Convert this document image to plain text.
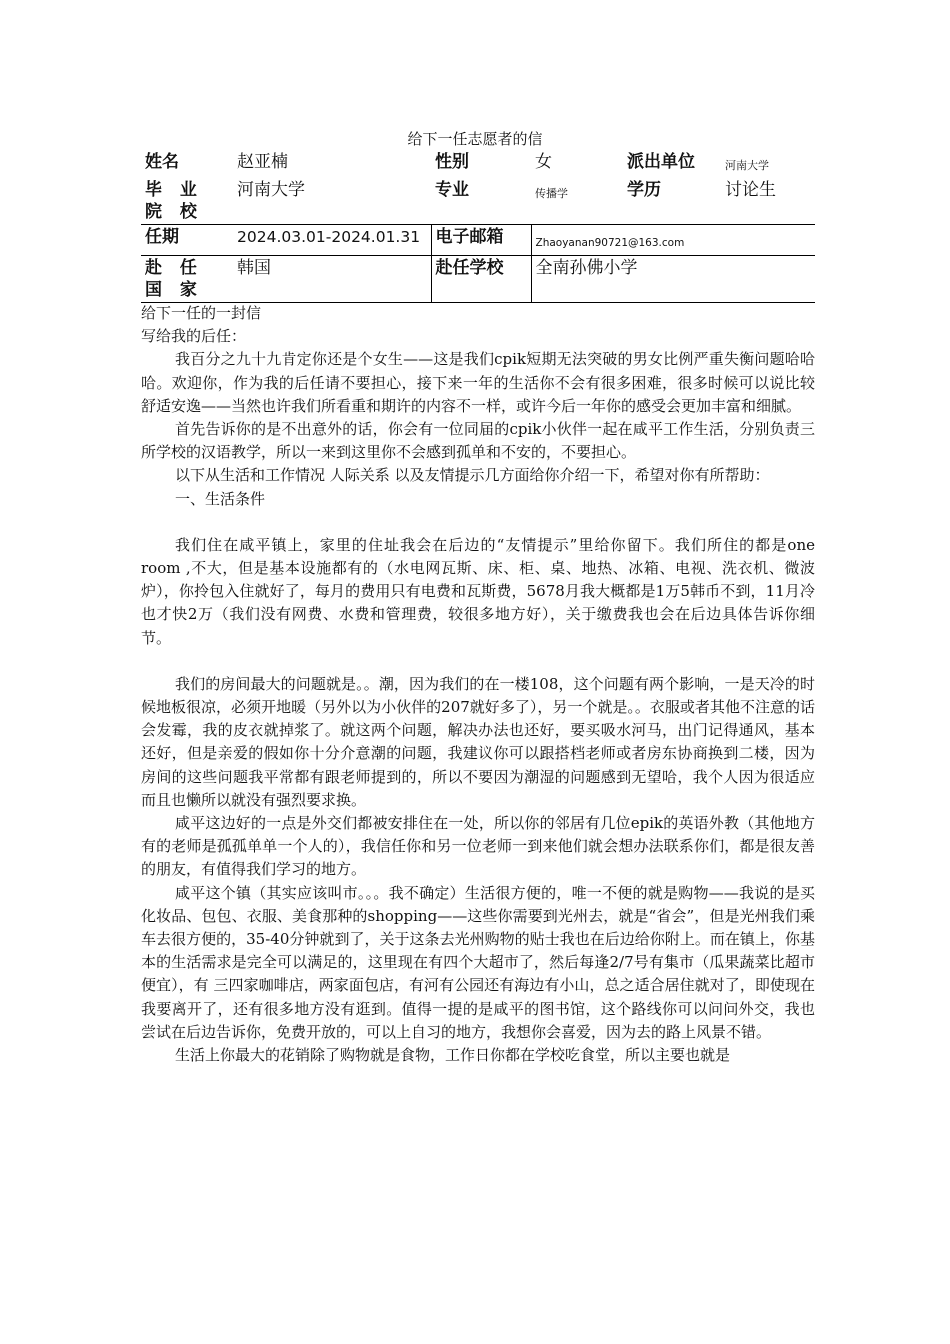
给下一任志愿者的信
姓名	赵亚楠	性别	女	派出单位	河南大学
毕 业 院 校	河南大学	专业	传播学	学历	讨论生
任期	2024.03.01-2024.01.31	电子邮箱	Zhaoyanan90721@163.com		
赴 任 国 家	韩国	赴任学校	全南孙佛小学		

给下一任的一封信

写给我的后任：

我百分之九十九肯定你还是个女生——这是我们cpik短期无法突破的男女比例严重失衡问题哈哈哈。欢迎你，作为我的后任请不要担心，接下来一年的生活你不会有很多困难，很多时候可以说比较舒适安逸——当然也许我们所看重和期许的内容不一样，或许今后一年你的感受会更加丰富和细腻。

首先告诉你的是不出意外的话，你会有一位同届的cpik小伙伴一起在咸平工作生活，分别负责三所学校的汉语教学，所以一来到这里你不会感到孤单和不安的，不要担心。

以下从生活和工作情况 人际关系 以及友情提示几方面给你介绍一下，希望对你有所帮助：

一、生活条件

我们住在咸平镇上，家里的住址我会在后边的“友情提示”里给你留下。我们所住的都是one room ,不大，但是基本设施都有的（水电网瓦斯、床、柜、桌、地热、冰箱、电视、洗衣机、微波炉），你拎包入住就好了，每月的费用只有电费和瓦斯费，5678月我大概都是1万5韩币不到，11月冷也才快2万（我们没有网费、水费和管理费，较很多地方好），关于缴费我也会在后边具体告诉你细节。

我们的房间最大的问题就是。。潮，因为我们的在一楼108，这个问题有两个影响，一是天冷的时候地板很凉，必须开地暖（另外以为小伙伴的207就好多了），另一个就是。。衣服或者其他不注意的话会发霉，我的皮衣就掉浆了。就这两个问题，解决办法也还好，要买吸水河马，出门记得通风，基本还好，但是亲爱的假如你十分介意潮的问题，我建议你可以跟搭档老师或者房东协商换到二楼，因为房间的这些问题我平常都有跟老师提到的，所以不要因为潮湿的问题感到无望哈，我个人因为很适应而且也懒所以就没有强烈要求换。

咸平这边好的一点是外交们都被安排住在一处，所以你的邻居有几位epik的英语外教（其他地方有的老师是孤孤单单一个人的），我信任你和另一位老师一到来他们就会想办法联系你们，都是很友善的朋友，有值得我们学习的地方。

咸平这个镇（其实应该叫市。。。我不确定）生活很方便的，唯一不便的就是购物——我说的是买化妆品、包包、衣服、美食那种的shopping——这些你需要到光州去，就是“省会”，但是光州我们乘车去很方便的，35-40分钟就到了，关于这条去光州购物的贴士我也在后边给你附上。而在镇上，你基本的生活需求是完全可以满足的，这里现在有四个大超市了，然后每逢2/7号有集市（瓜果蔬菜比超市便宜），有 三四家咖啡店，两家面包店，有河有公园还有海边有小山，总之适合居住就对了，即使现在我要离开了，还有很多地方没有逛到。值得一提的是咸平的图书馆，这个路线你可以问问外交，我也尝试在后边告诉你，免费开放的，可以上自习的地方，我想你会喜爱，因为去的路上风景不错。

生活上你最大的花销除了购物就是食物，工作日你都在学校吃食堂，所以主要也就是
